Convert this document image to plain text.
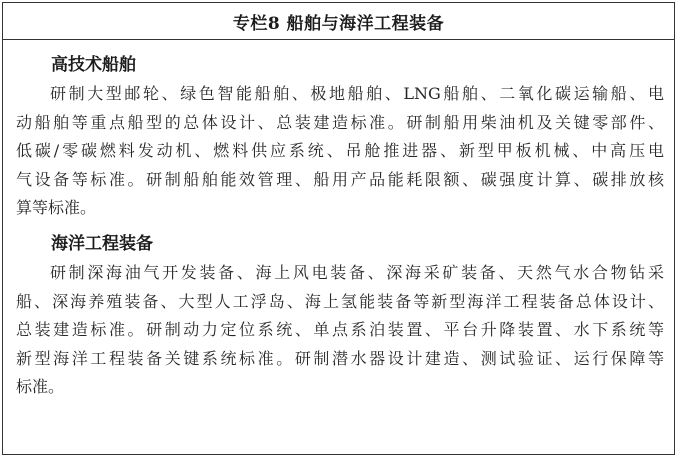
专栏8 船舶与海洋工程装备
高技术船舶
研制大型邮轮、绿色智能船舶、极地船舶、LNG船舶、二氧化碳运输船、电
动船舶等重点船型的总体设计、总装建造标准。研制船用柴油机及关键零部件、
低碳/零碳燃料发动机、燃料供应系统、吊舱推进器、新型甲板机械、中高压电
气设备等标准。研制船舶能效管理、船用产品能耗限额、碳强度计算、碳排放核
算等标准。
海洋工程装备
研制深海油气开发装备、海上风电装备、深海采矿装备、天然气水合物钻采
船、深海养殖装备、大型人工浮岛、海上氢能装备等新型海洋工程装备总体设计、
总装建造标准。研制动力定位系统、单点系泊装置、平台升降装置、水下系统等
新型海洋工程装备关键系统标准。研制潜水器设计建造、测试验证、运行保障等
标准。
